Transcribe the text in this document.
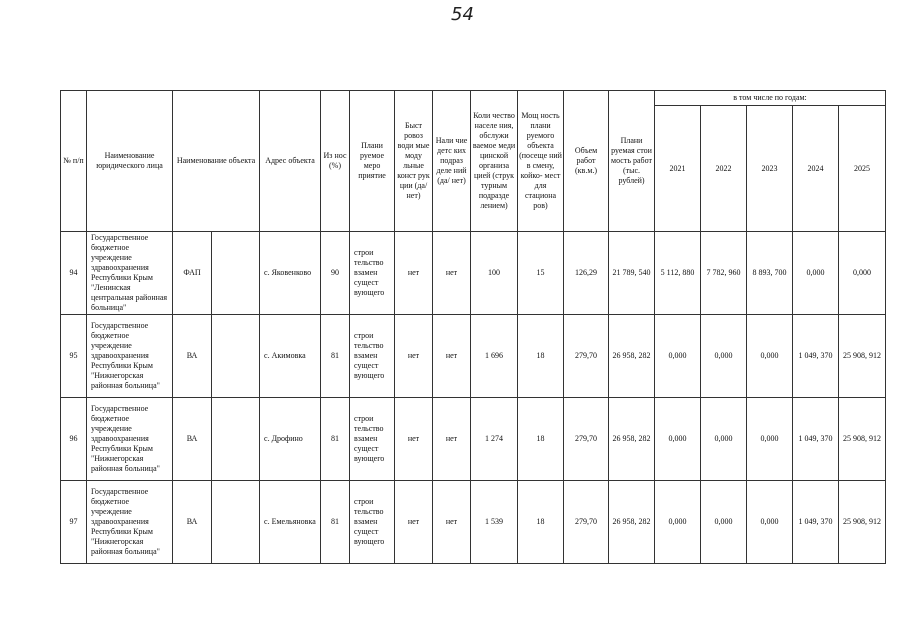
54
№ п/п	Наименование юридического лица	Наименование объекта		Адрес объекта	Из нос (%)	Плани руемое меро приятие	Быст ровоз води мые моду льные конст рук ции (да/ нет)	Нали чие детс ких подраз деле ний (да/ нет)	Коли чество населе ния, обслужи ваемое меди цинской организа цией (струк турным подразде лением)	Мощ ность плани руемого объекта (посеще ний в смену, койко- мест для стациона ров)	Объем работ (кв.м.)	Плани руемая стои мость работ (тыс. рублей)	в том числе по годам:				
													2021	2022	2023	2024	2025
94	Государственное бюджетное учреждение здравоохранения Республики Крым "Ленинская центральная районная больница"	ФАП		с. Яковенково	90	строи тельство взамен сущест вующего	нет	нет	100	15	126,29	21 789, 540	5 112, 880	7 782, 960	8 893, 700	0,000	0,000
95	Государственное бюджетное учреждение здравоохранения Республики Крым "Нижнегорская районная больница"	ВА		с. Акимовка	81	строи тельство взамен сущест вующего	нет	нет	1 696	18	279,70	26 958, 282	0,000	0,000	0,000	1 049, 370	25 908, 912
96	Государственное бюджетное учреждение здравоохранения Республики Крым "Нижнегорская районная больница"	ВА		с. Дрофино	81	строи тельство взамен сущест вующего	нет	нет	1 274	18	279,70	26 958, 282	0,000	0,000	0,000	1 049, 370	25 908, 912
97	Государственное бюджетное учреждение здравоохранения Республики Крым "Нижнегорская районная больница"	ВА		с. Емельяновка	81	строи тельство взамен сущест вующего	нет	нет	1 539	18	279,70	26 958, 282	0,000	0,000	0,000	1 049, 370	25 908, 912
